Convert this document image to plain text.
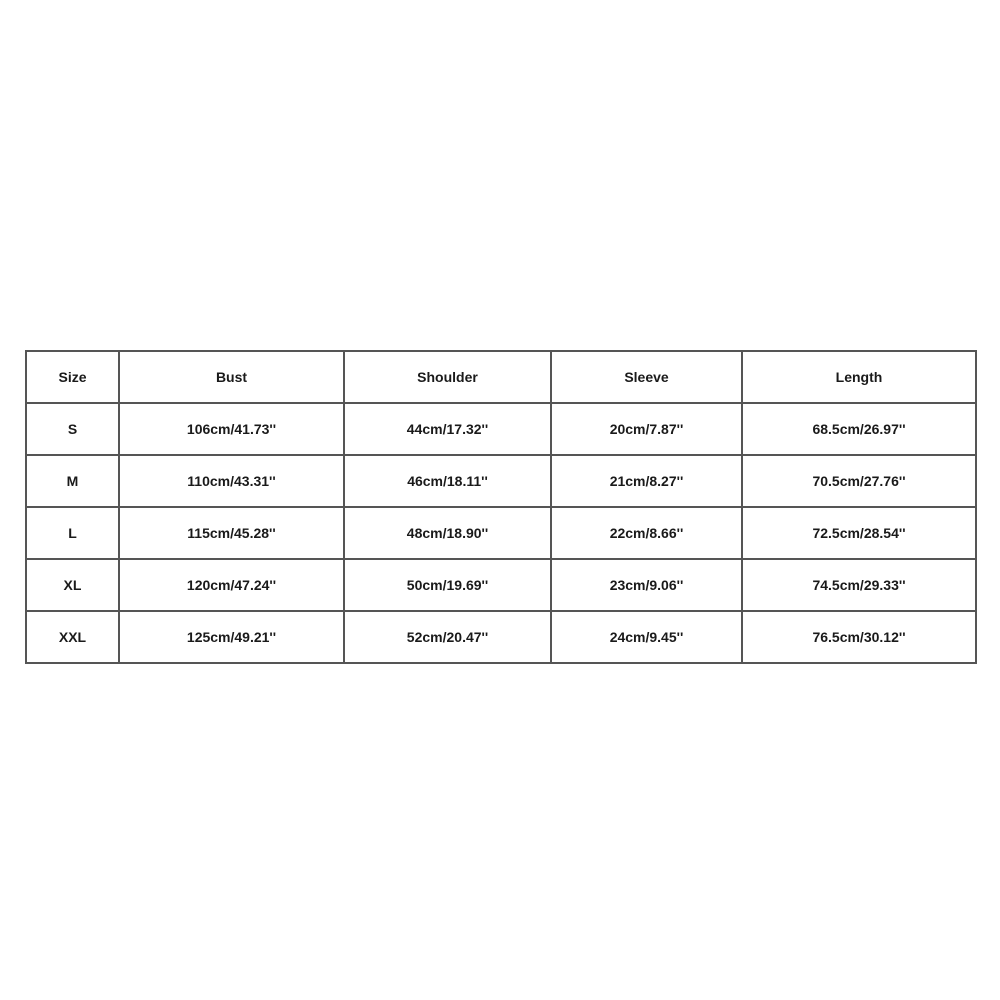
Size	Bust	Shoulder	Sleeve	Length
S	106cm/41.73''	44cm/17.32''	20cm/7.87''	68.5cm/26.97''
M	110cm/43.31''	46cm/18.11''	21cm/8.27''	70.5cm/27.76''
L	115cm/45.28''	48cm/18.90''	22cm/8.66''	72.5cm/28.54''
XL	120cm/47.24''	50cm/19.69''	23cm/9.06''	74.5cm/29.33''
XXL	125cm/49.21''	52cm/20.47''	24cm/9.45''	76.5cm/30.12''
